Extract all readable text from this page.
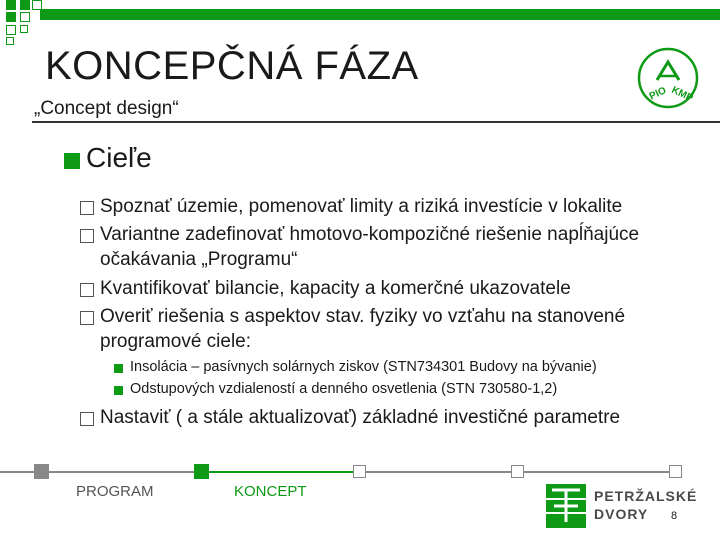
KONCEPČNÁ FÁZA
„Concept design“
PIO KMP
Cieľe
Spoznať územie, pomenovať limity a riziká investície v lokalite
Variantne zadefinovať hmotovo-kompozičné riešenie napĺňajúce
očakávania „Programu“
Kvantifikovať bilancie, kapacity a komerčné ukazovatele
Overiť riešenia s aspektov stav. fyziky vo vzťahu na stanovené
programové ciele:
Insolácia – pasívnych solárnych ziskov (STN734301 Budovy na bývanie)
Odstupových vzdialeností a denného osvetlenia (STN 730580-1,2)
Nastaviť ( a stále aktualizovať) základné investičné parametre
PROGRAM	KONCEPT	PETRŽALSKÉ
DVORY 8
